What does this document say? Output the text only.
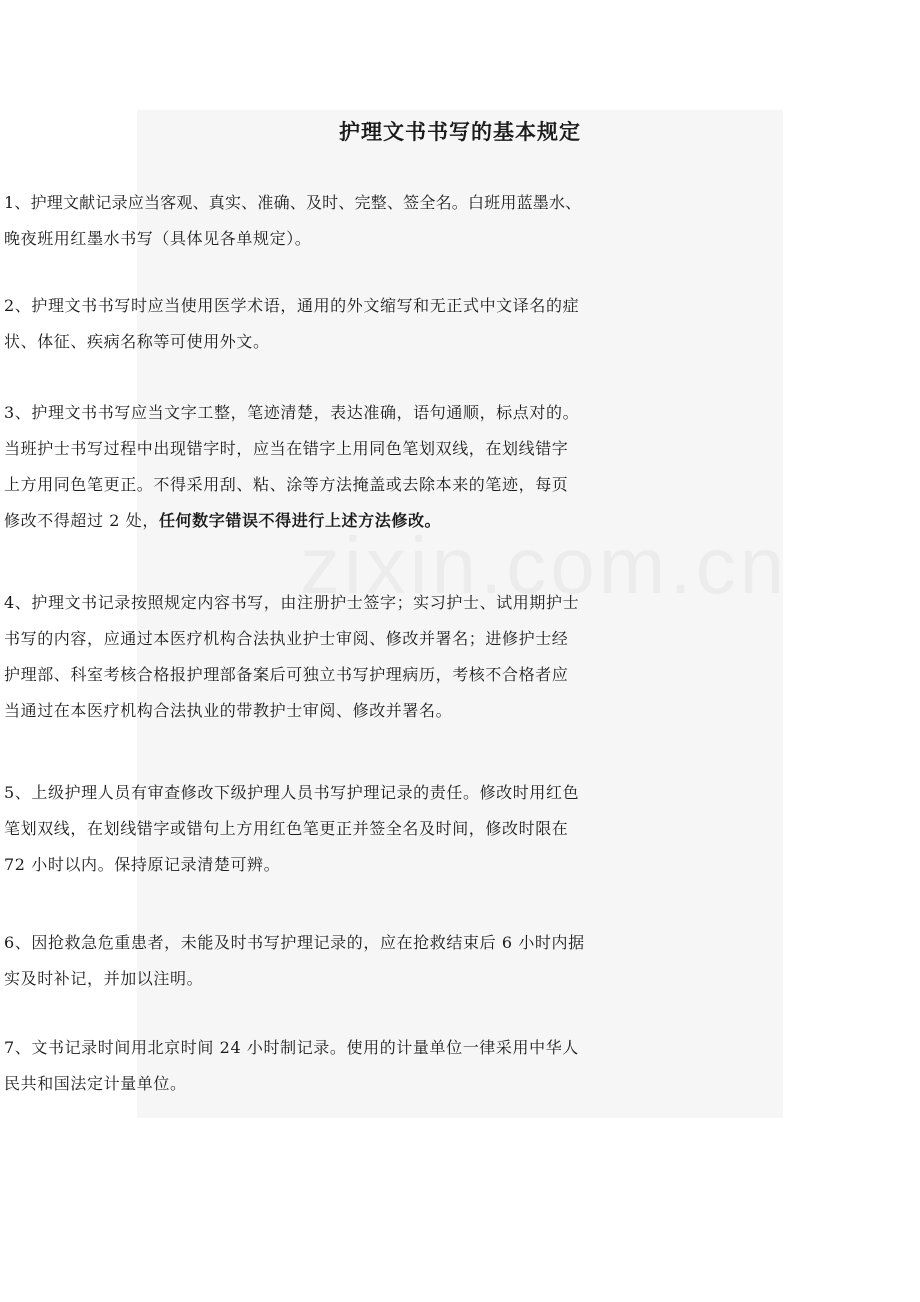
护理文书书写的基本规定
1、护理文献记录应当客观、真实、准确、及时、完整、签全名。白班用蓝墨水、
晚夜班用红墨水书写（具体见各单规定）。
2、护理文书书写时应当使用医学术语，通用的外文缩写和无正式中文译名的症
状、体征、疾病名称等可使用外文。
3、护理文书书写应当文字工整，笔迹清楚，表达准确，语句通顺，标点对的。
当班护士书写过程中出现错字时，应当在错字上用同色笔划双线，在划线错字
上方用同色笔更正。不得采用刮、粘、涂等方法掩盖或去除本来的笔迹，每页
修改不得超过 2 处，任何数字错误不得进行上述方法修改。
4、护理文书记录按照规定内容书写，由注册护士签字；实习护士、试用期护士
书写的内容，应通过本医疗机构合法执业护士审阅、修改并署名；进修护士经
护理部、科室考核合格报护理部备案后可独立书写护理病历，考核不合格者应
当通过在本医疗机构合法执业的带教护士审阅、修改并署名。
5、上级护理人员有审查修改下级护理人员书写护理记录的责任。修改时用红色
笔划双线，在划线错字或错句上方用红色笔更正并签全名及时间，修改时限在
72 小时以内。保持原记录清楚可辨。
6、因抢救急危重患者，未能及时书写护理记录的，应在抢救结束后 6 小时内据
实及时补记，并加以注明。
7、文书记录时间用北京时间 24 小时制记录。使用的计量单位一律采用中华人
民共和国法定计量单位。
